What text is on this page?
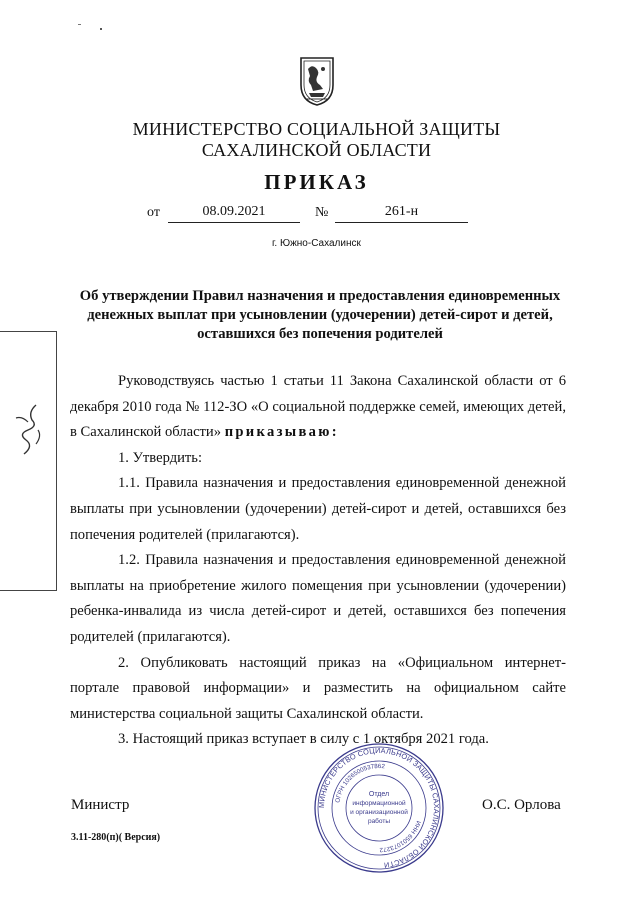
МИНИСТЕРСТВО СОЦИАЛЬНОЙ ЗАЩИТЫ
САХАЛИНСКОЙ ОБЛАСТИ
ПРИКАЗ
от	08.09.2021	№	261-н
г. Южно-Сахалинск
Об утверждении Правил назначения и предоставления единовременных
денежных выплат при усыновлении (удочерении) детей-сирот и детей,
оставшихся без попечения родителей

Руководствуясь частью 1 статьи 11 Закона Сахалинской области от 6 декабря 2010 года № 112-ЗО «О социальной поддержке семей, имеющих детей, в Сахалинской области» приказываю:

1. Утвердить:

1.1. Правила назначения и предоставления единовременной денежной выплаты при усыновлении (удочерении) детей-сирот и детей, оставшихся без попечения родителей (прилагаются).

1.2. Правила назначения и предоставления единовременной денежной выплаты на приобретение жилого помещения при усыновлении (удочерении) ребенка-инвалида из числа детей-сирот и детей, оставшихся без попечения родителей (прилагаются).

2. Опубликовать настоящий приказ на «Официальном интернет-портале правовой информации» и разместить на официальном сайте министерства социальной защиты Сахалинской области.

3. Настоящий приказ вступает в силу с 1 октября 2021 года.

Министр	О.С. Орлова
3.11-280(п)( Версия)
МИНИСТЕРСТВО СОЦИАЛЬНОЙ ЗАЩИТЫ САХАЛИНСКОЙ ОБЛАСТИ
ОГРН 1026500537862
ИНН 6501073272
Отдел
информационной
и организационной
работы
